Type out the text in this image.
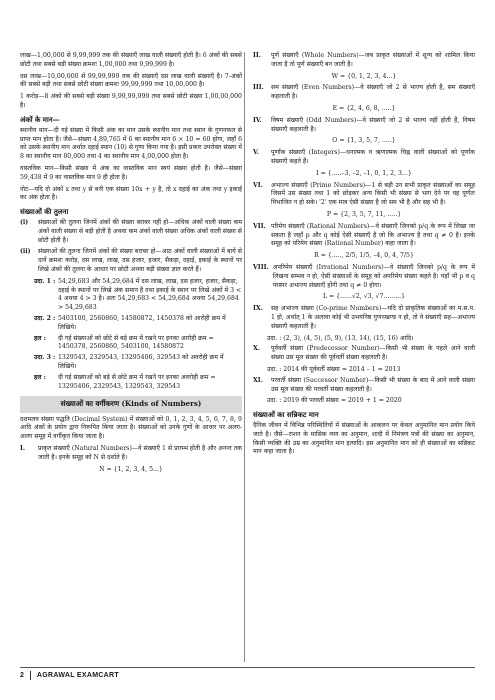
लाख—1,00,000 से 9,99,999 तक की संख्याएँ लाख वाली संख्याएँ होती है। 6 अंकों की सबसे छोटी तथा सबसे बड़ी संख्या क्रमशः 1,00,000 तथा 9,99,999 है।

दस लाख—10,00,000 से 99,99,999 तक की संख्याएँ दस लाख वाली संख्याएँ है। 7-अंकों की सबसे बड़ी तथा सबसे छोटी संख्या क्रमशः 99,99,999 तथा 10,00,000 है।

1 करोड़—8 अंको की सबसे बड़ी संख्या 9,99,99,999 तथा सबसे छोटी संख्या 1,00,00,000 है।

अंकों के मान—

स्थानीय मान—दी गई संख्या में किसी अंक का मान उसके स्थानीय मान तथा स्थान के गुणनफल से प्राप्त मान होता है। जैसे—संख्या 4,89,765 में 6 का स्थानीय मान 6 × 10 = 60 होगा, जहाँ 6 को उसके स्थानीय मान अर्थात दहाई स्थान (10) से गुणा किया गया है। इसी प्रकार उपरोक्त संख्या में 8 का स्थानीय मान 80,000 तथा 4 का स्थानीय मान 4,00,000 होता है।

वास्तविक मान—किसी संख्या में अंक का वास्तविक मान स्वयं संख्या होती है। जैसे—संख्या 59,438 में 9 का वास्तविक मान 9 ही होता है।

नोट—यदि दो अंकों x तथा y से बनी एक संख्या 10x + y है, तो x दहाई का अंक तथा y इकाई का अंक होता है।

संख्याओं की तुलना
(i)	संख्याओं की तुलना जिनमें अंकों की संख्या बराबर नहीं हो—अधिक अंकों वाली संख्या कम अंकों वाली संख्या से बड़ी होती है अथवा कम अंकों वाली संख्या अधिक अंकों वाली संख्या से छोटी होती है।
(ii)	संख्याओं की तुलना जिनमें अंकों की संख्या बराबर हो—आठ अंकों वाली संख्याओं में बायें से दायें क्रमशः करोड़, दस लाख, लाख, दस हजार, हजार, सैकड़ा, दहाई, इकाई के स्थानों पर लिखे अंकों की तुलना के आधार पर छोटी अथवा बड़ी संख्या ज्ञात करते हैं।
उदा. 1 : 54,29,683 और 54,29,684 में दस लाख, लाख, दस हजार, हजार, सैकड़ा, दहाई के स्थानों पर लिखे अंक समान है तथा इकाई के स्थान पर लिखे अंकों में 3 < 4 अथवा 4 > 3 है। अतः 54,29,683 < 54,29,684 अथवा 54,29,684 > 54,29,683
उदा. 2 : 5403100, 2560860, 14580872, 1450378 को आरोही क्रम में लिखिये।
हल :	दी गई संख्याओं को छोटे से बड़े क्रम में रखने पर इनका आरोही क्रम = 1450378, 2560860, 5403100, 14580872
उदा. 3 : 1329543, 2329543, 13295406, 329543 को अवरोही क्रम में लिखिये।
हल :	दी गई संख्याओं को बड़े से छोटे क्रम में रखने पर इनका अवरोही क्रम = 13295406, 2329543, 1329543, 329543
संख्याओं का वर्गीकरण (Kinds of Numbers)

दशमलव संख्या पद्धति (Decimal System) में संख्याओं को 0, 1, 2, 3, 4, 5, 6, 7, 8, 9 आदि अंकों के प्रयोग द्वारा निरूपित किया जाता है। संख्याओं को उनके गुणों के आधार पर अलग-अलग समूह में वर्गीकृत किया जाता है।

I.	प्राकृत संख्याएँ (Natural Numbers)—वे संख्याएँ 1 से प्रारम्भ होती है और अनन्त तक जाती है। इनके समूह को N से दर्शाते है।
N = {1, 2, 3, 4, 5...}
II.	पूर्ण संख्याएँ (Whole Numbers)—जब प्राकृत संख्याओं में शून्य को शामिल किया जाता है तो पूर्ण संख्याएँ बन जाती है।
W = {0, 1, 2, 3, 4...}
III.	सम संख्याएँ (Even Numbers)—वे संख्याएँ जो 2 से भाज्य होती है, सम संख्याएँ कहलाती है।
E = {2, 4, 6, 8, .....}
IV.	विषम संख्याएँ (Odd Numbers)—वे संख्याएँ जो 2 से भाज्य नहीं होती है, विषम संख्याएँ कहलाती है।
O = {1, 3, 5, 7, .....}
V.	पूर्णांक संख्याएँ (Integers)—धनात्मक व ऋणात्मक चिह्न वाली संख्याओं को पूर्णांक संख्याएँ कहते हैं।
I = {.....–3, –2, –1, 0, 1, 2, 3...}
VI.	अभाज्य संख्याएँ (Prime Numbers)—1 से बड़ी उन सभी प्राकृत संख्याओं का समूह जिसमें उस संख्या तथा 1 को छोड़कर अन्य किसी भी संख्या से भाग देने पर वह पूर्णतः विभाजित न हो सके। '2' एक मात्र ऐसी संख्या है जो सम भी है और सह भी है।
P = {2, 3, 5, 7, 11, .....}
VII. परिमेय संख्याएँ (Rational Numbers)—वे संख्याएँ जिनको p/q के रूप में लिखा जा सकता है जहाँ p और q कोई ऐसी संख्याएँ है जो कि अभाज्य है तथा q ≠ 0 है। इनके समूह को परिमेय संख्या (Rational Number) कहा जाता है।
R = {....., 2/5, 1/5, –4, 0, 4, 7/5}
VIII. अपरिमेय संख्याएँ (Irrational Numbers)—वे संख्याएँ जिनको p/q के रूप में लिखना सम्भव न हो, ऐसी संख्याओं के समूह को अपरिमेय संख्या कहते है। यहाँ भी p व q परस्पर अभाज्य संख्याएँ होंगी तथा q ≠ 0 होगा।
L = {......√2, √3, √7.........}
IX.	सह अभाज्य संख्या (Co-prime Numbers)—यदि दो प्राकृतिक संख्याओं का म.स.प. 1 हो, अर्थात् 1 के अलावा कोई भी उभयनिष्ठ गुणनखण्ड न हो, तो वे संख्याएँ सह—अभाज्य संख्याएँ कहलाती है।
उदा. : (2, 3), (4, 5), (5, 9), (13, 14), (15, 16) आदि।
X.	पूर्ववर्ती संख्या (Predecessor Number)—किसी भी संख्या के पहले आने वाली संख्या उस मूल संख्या की पूर्ववर्ती संख्या कहलाती है।
उदा. : 2014 की पूर्ववर्ती संख्या = 2014 – 1 = 2013
XI.	परवर्ती संख्या (Successor Number)—किसी भी संख्या के बाद में आने वाली संख्या उस मूल संख्या की परवर्ती संख्या कहलाती है।
उदा. : 2019 की परवर्ती संख्या = 2019 + 1 = 2020
संख्याओं का सन्निकट मान

दैनिक जीवन में विभिन्न परिस्थितियों में संख्याओं के आकलन पर केवल अनुमानित मान प्रयोग किये जाते है। जैसे—राशन के मासिक व्यय का अनुमान, शादी में निमंत्रण पत्रों की संख्या का अनुमान, किसी व्यक्ति की उम्र का अनुमानित मान इत्यादि। इस अनुमानित मान को ही संख्याओं का सन्निकट मान कहा जाता है।

2 AGRAWAL EXAMCART
